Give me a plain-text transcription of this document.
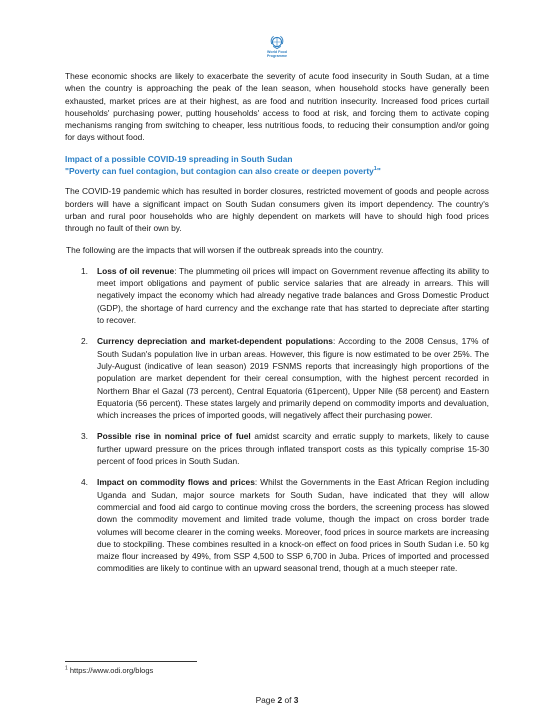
World Food
Programme

These economic shocks are likely to exacerbate the severity of acute food insecurity in South Sudan, at a time when the country is approaching the peak of the lean season, when household stocks have generally been exhausted, market prices are at their highest, as are food and nutrition insecurity. Increased food prices curtail households' purchasing power, putting households' access to food at risk, and forcing them to activate coping mechanisms ranging from switching to cheaper, less nutritious foods, to reducing their consumption and/or going for days without food.

Impact of a possible COVID-19 spreading in South Sudan
"Poverty can fuel contagion, but contagion can also create or deepen poverty$^1$"

The COVID-19 pandemic which has resulted in border closures, restricted movement of goods and people across borders will have a significant impact on South Sudan consumers given its import dependency. The country's urban and rural poor households who are highly dependent on markets will have to should high food prices through no fault of their own by.

The following are the impacts that will worsen if the outbreak spreads into the country.

1. Loss of oil revenue: The plummeting oil prices will impact on Government revenue affecting its ability to meet import obligations and payment of public service salaries that are already in arrears. This will negatively impact the economy which had already negative trade balances and Gross Domestic Product (GDP), the shortage of hard currency and the exchange rate that has started to depreciate after starting to recover.

2. Currency depreciation and market-dependent populations: According to the 2008 Census, 17% of South Sudan's population live in urban areas. However, this figure is now estimated to be over 25%. The July-August (indicative of lean season) 2019 FSNMS reports that increasingly high proportions of the population are market dependent for their cereal consumption, with the highest percent recorded in Northern Bhar el Gazal (73 percent), Central Equatoria (61percent), Upper Nile (58 percent) and Eastern Equatoria (56 percent). These states largely and primarily depend on commodity imports and devaluation, which increases the prices of imported goods, will negatively affect their purchasing power.

3. Possible rise in nominal price of fuel amidst scarcity and erratic supply to markets, likely to cause further upward pressure on the prices through inflated transport costs as this typically comprise 15-30 percent of food prices in South Sudan.

4. Impact on commodity flows and prices: Whilst the Governments in the East African Region including Uganda and Sudan, major source markets for South Sudan, have indicated that they will allow commercial and food aid cargo to continue moving cross the borders, the screening process has slowed down the commodity movement and limited trade volume, though the impact on cross border trade volumes will become clearer in the coming weeks. Moreover, food prices in source markets are increasing due to stockpiling. These combines resulted in a knock-on effect on food prices in South Sudan i.e. 50 kg maize flour increased by 49%, from SSP 4,500 to SSP 6,700 in Juba. Prices of imported and processed commodities are likely to continue with an upward seasonal trend, though at a much steeper rate.

$^1$ https://www.odi.org/blogs
Page 2 of 3
